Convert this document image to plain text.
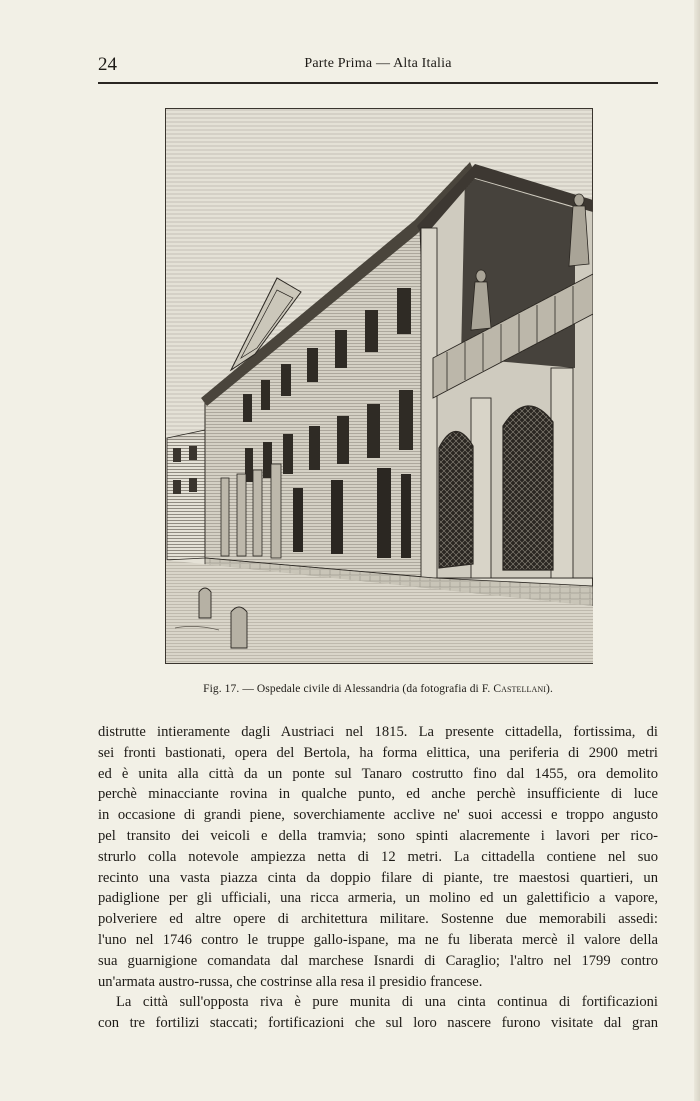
24	Parte Prima — Alta Italia
Fig. 17. — Ospedale civile di Alessandria (da fotografia di F. Castellani).
distrutte intieramente dagli Austriaci nel 1815. La presente cittadella, fortissima, di
sei fronti bastionati, opera del Bertola, ha forma elittica, una periferia di 2900 metri
ed è unita alla città da un ponte sul Tanaro costrutto fino dal 1455, ora demolito
perchè minacciante rovina in qualche punto, ed anche perchè insufficiente di luce
in occasione di grandi piene, soverchiamente acclive ne' suoi accessi e troppo angusto
pel transito dei veicoli e della tramvia; sono spinti alacremente i lavori per rico-
strurlo colla notevole ampiezza netta di 12 metri. La cittadella contiene nel suo
recinto una vasta piazza cinta da doppio filare di piante, tre maestosi quartieri, un
padiglione per gli ufficiali, una ricca armeria, un molino ed un galettificio a vapore,
polveriere ed altre opere di architettura militare. Sostenne due memorabili assedi:
l'uno nel 1746 contro le truppe gallo-ispane, ma ne fu liberata mercè il valore della
sua guarnigione comandata dal marchese Isnardi di Caraglio; l'altro nel 1799 contro
un'armata austro-russa, che costrinse alla resa il presidio francese.
La città sull'opposta riva è pure munita di una cinta continua di fortificazioni
con tre fortilizi staccati; fortificazioni che sul loro nascere furono visitate dal gran
